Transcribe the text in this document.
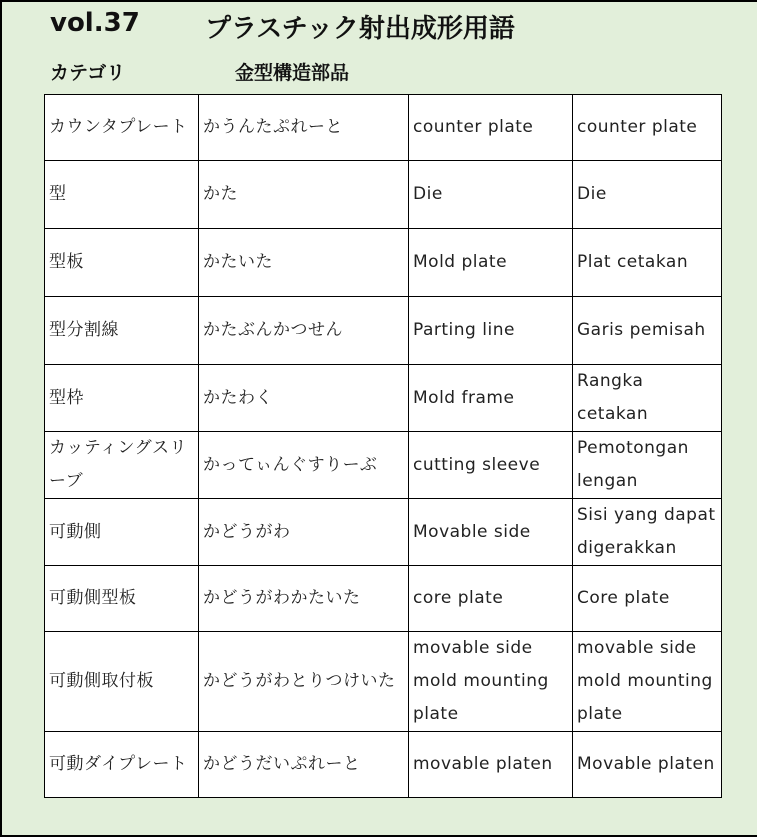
vol.37	プラスチック射出成形用語
カテゴリ	金型構造部品
カウンタプレート	かうんたぷれーと	counter plate	counter plate
型	かた	Die	Die
型板	かたいた	Mold plate	Plat cetakan
型分割線	かたぶんかつせん	Parting line	Garis pemisah
型枠	かたわく	Mold frame	Rangka cetakan
カッティングスリーブ	かってぃんぐすりーぶ	cutting sleeve	Pemotongan lengan
可動側	かどうがわ	Movable side	Sisi yang dapat digerakkan
可動側型板	かどうがわかたいた	core plate	Core plate
可動側取付板	かどうがわとりつけいた	movable side mold mounting plate	movable side mold mounting plate
可動ダイプレート	かどうだいぷれーと	movable platen	Movable platen
